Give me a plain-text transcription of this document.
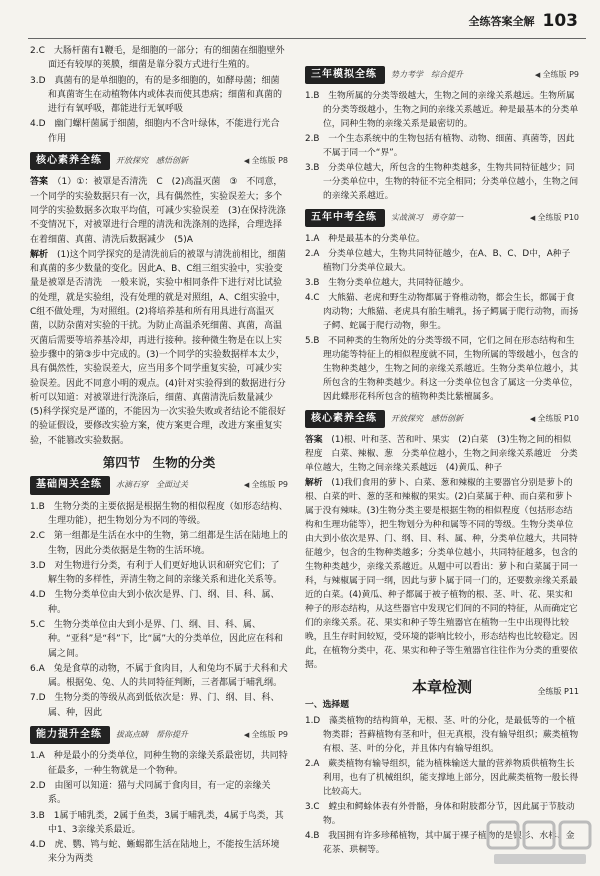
全练答案全解 103

2.C　大肠杆菌有1鞭毛，是细胞的一部分；有的细菌在细胞壁外面还有较厚的荚膜，细菌是靠分裂方式进行生殖的。

3.D　真菌有的是单细胞的，有的是多细胞的，如酵母菌；细菌和真菌寄生在动植物体内或体表而使其患病；细菌和真菌的进行有氧呼吸，都能进行无氧呼吸

4.D　幽门螺杆菌属于细菌，细胞内不含叶绿体，不能进行光合作用

核心素养全练	开放探究　感悟创新	◀ 全练版 P8

答案　 （1）①：被罩是否清洗　C　(2)高温灭菌　③　不同意，一个同学的实验数据只有一次，具有偶然性，实验误差大；多个同学的实验数据多次取平均值，可减少实验误差　(3)在保持洗涤不变情况下，对被罩进行合理的清洗和洗涤剂的选择，合理选择在着细菌、真菌、清洗后数据减少　(5)A

解析　 (1)这个同学探究的是清洗前后的被罩与清洗前相比，细菌和真菌的多少数量的变化。因此A、B、C组三组实验中，实验变量是被罩是否清洗　一般来说，实验中相同条件下进行对比试验的处理，就是实验组，没有处理的就是对照组，A、C组实验中，C组不做处理，为对照组。(2)将培养基和所有用具进行高温灭菌，以防杂菌对实验的干扰。为防止高温杀死细菌、真菌，高温灭菌后需要等培养基冷却，再进行接种。接种微生物是在以上实验步骤中的第③步中完成的。(3)一个同学的实验数据样本太少，具有偶然性，实验误差大，应当用多个同学重复实验，可减少实验误差。因此不同意小明的观点。(4)针对实验得到的数据进行分析可以知道：对被罩进行洗涤后，细菌、真菌清洗后数量减少　(5)科学探究是严谨的，不能因为一次实验失败或者结论不能很好的验证假设，要修改实验方案，使方案更合理，改进方案重复实验，不能篡改实验数据。

第四节　生物的分类
基础闯关全练	水滴石穿　全面过关	◀ 全练版 P9

1.B　生物分类的主要依据是根据生物的相似程度（如形态结构、生理功能），把生物划分为不同的等级。

2.C　第一组都是生活在水中的生物，第二组都是生活在陆地上的生物，因此分类依据是生物的生活环境。

3.D　对生物进行分类，有利于人们更好地认识和研究它们；了解生物的多样性，弄清生物之间的亲缘关系和进化关系等。

4.D　生物分类单位由大到小依次是界、门、纲、目、科、属、种。

5.C　生物分类单位由大到小是界、门、纲、目、科、属、种。“亚科”是“科”下，比“属”大的分类单位，因此应在科和属之间。

6.A　兔是食草的动物，不属于食肉目，人和兔均不属于犬科和犬属。根据兔、兔、人的共同特征判断，三者都属于哺乳纲。

7.D　生物分类的等级从高到低依次是：界、门、纲、目、科、属、种，因此

能力提升全练	拔高点睛　帮你提升	◀ 全练版 P9

1.A　种是最小的分类单位，同种生物的亲缘关系最密切，共同特征最多，一种生物就是一个物种。

2.D　由图可以知道：猫与犬同属于食肉目，有一定的亲缘关系。

3.B　1属于哺乳类，2属于鱼类，3属于哺乳类，4属于鸟类，其中1、3亲缘关系最近。

4.D　虎、鹦、鸨与蛇、蜥蜴都生活在陆地上，不能按生活环境来分为两类

三年模拟全练	势力考学　综合提升	◀ 全练版 P9

1.B　生物所属的分类等级越大，生物之间的亲缘关系越远。生物所属的分类等级越小，生物之间的亲缘关系越近。种是最基本的分类单位，同种生物的亲缘关系是最密切的。

2.B　一个生态系统中的生物包括有植物、动物、细菌、真菌等，因此不属于同一个“界”。

3.B　分类单位越大，所包含的生物种类越多，生物共同特征越少；同一分类单位中，生物的特征不完全相同；分类单位越小，生物之间的亲缘关系越近。

五年中考全练	实战演习　勇夺第一	◀ 全练版 P10

1.A　种是最基本的分类单位。

2.A　分类单位越大，生物共同特征越少，在A、B、C、D中，A种子植物门分类单位最大。

3.B　生物分类单位越大，共同特征越少。

4.C　大熊猫、老虎和野生动物都属于脊椎动物，都会生长，都属于食肉动物；大熊猫、老虎具有胎生哺乳，扬子鳄属于爬行动物，而扬子鳄、蛇属于爬行动物，卵生。

5.B　不同种类的生物所处的分类等级不同，它们之间在形态结构和生理功能等特征上的相似程度就不同，生物所属的等级越小，包含的生物种类越少，生物之间的亲缘关系越近。生物分类单位越小，其所包含的生物种类越少。科这一分类单位包含了属这一分类单位，因此蝶形花科所包含的植物种类比紫檀属多。

核心素养全练	开放探究　感悟创新	◀ 全练版 P10

答案　 (1)根、叶和茎、苦和叶、果实　(2)白菜　(3)生物之间的相似程度　白菜、辣椒、葱　分类单位越小，生物之间亲缘关系越近　分类单位越大，生物之间亲缘关系越远　(4)黄瓜、种子

解析　 (1)我们食用的萝卜、白菜、葱和辣椒的主要器官分别是萝卜的根、白菜的叶、葱的茎和辣椒的果实。(2)白菜属于种、而白菜和萝卜属于没有辣味。(3)生物分类主要是根据生物的相似程度（包括形态结构和生理功能等），把生物划分为种和属等不同的等级。生物分类单位由大到小依次是界、门、纲、目、科、属、种，分类单位越大，共同特征越少，包含的生物种类越多；分类单位越小，共同特征越多，包含的生物种类越少，亲缘关系越近。从题中可以看出：萝卜和白菜属于同一科，与辣椒属于同一纲，因此与萝卜属于同一门的，还要数亲缘关系最近的白菜。(4)黄瓜、种子都属于被子植物的根、茎、叶、花、果实和种子的形态结构，从这些器官中发现它们间的不同的特征，从而确定它们的亲缘关系。花、果实和种子等生殖器官在植物一生中出现得比较晚，且生存时间较短，受环境的影响比较小，形态结构也比较稳定。因此，在植物分类中，花、果实和种子等生殖器官往往作为分类的重要依据。

本章检测	全练版 P11
一、选择题

1.D　藻类植物的结构简单，无根、茎、叶的分化，是最低等的一个植物类群；苔藓植物有茎和叶，但无真根，没有输导组织；蕨类植物有根、茎、叶的分化，并且体内有输导组织。

2.A　蕨类植物有输导组织，能为植株输送大量的营养物质供植物生长利用，也有了机械组织，能支撑地上部分，因此蕨类植物一般长得比较高大。

3.C　螳虫和鳄蜍体表有外骨骼，身体和附肢都分节，因此属于节肢动物。

4.B　我国拥有许多珍稀植物，其中属于裸子植物的是银杉、水杉、金花茶、珙桐等。
